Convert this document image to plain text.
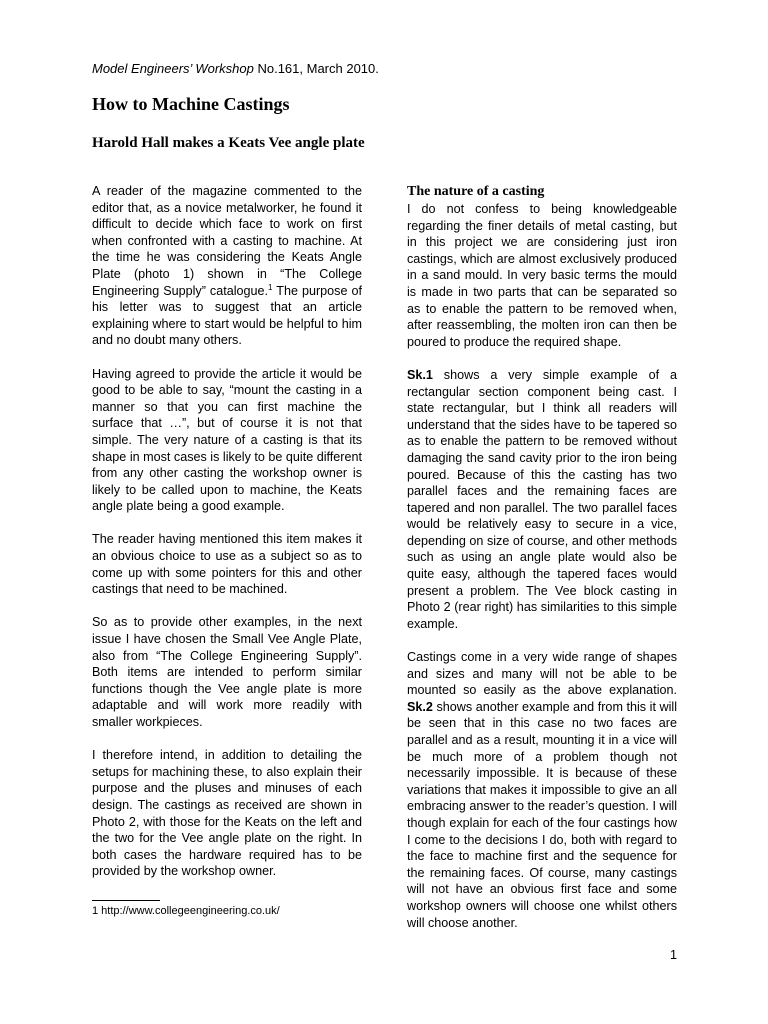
Model Engineers’ Workshop No.161, March 2010.
How to Machine Castings
Harold Hall makes a Keats Vee angle plate

A reader of the magazine commented to the editor that, as a novice metalworker, he found it difficult to decide which face to work on first when confronted with a casting to machine. At the time he was considering the Keats Angle Plate (photo 1) shown in “The College Engineering Supply” catalogue.$^1$ The purpose of his letter was to suggest that an article explaining where to start would be helpful to him and no doubt many others.

Having agreed to provide the article it would be good to be able to say, “mount the casting in a manner so that you can first machine the surface that …”, but of course it is not that simple. The very nature of a casting is that its shape in most cases is likely to be quite different from any other casting the workshop owner is likely to be called upon to machine, the Keats angle plate being a good example.

The reader having mentioned this item makes it an obvious choice to use as a subject so as to come up with some pointers for this and other castings that need to be machined.

So as to provide other examples, in the next issue I have chosen the Small Vee Angle Plate, also from “The College Engineering Supply”. Both items are intended to perform similar functions though the Vee angle plate is more adaptable and will work more readily with smaller workpieces.

I therefore intend, in addition to detailing the setups for machining these, to also explain their purpose and the pluses and minuses of each design. The castings as received are shown in Photo 2, with those for the Keats on the left and the two for the Vee angle plate on the right. In both cases the hardware required has to be provided by the workshop owner.

1 http://www.collegeengineering.co.uk/
The nature of a casting

I do not confess to being knowledgeable regarding the finer details of metal casting, but in this project we are considering just iron castings, which are almost exclusively produced in a sand mould. In very basic terms the mould is made in two parts that can be separated so as to enable the pattern to be removed when, after reassembling, the molten iron can then be poured to produce the required shape.

Sk.1 shows a very simple example of a rectangular section component being cast. I state rectangular, but I think all readers will understand that the sides have to be tapered so as to enable the pattern to be removed without damaging the sand cavity prior to the iron being poured. Because of this the casting has two parallel faces and the remaining faces are tapered and non parallel. The two parallel faces would be relatively easy to secure in a vice, depending on size of course, and other methods such as using an angle plate would also be quite easy, although the tapered faces would present a problem. The Vee block casting in Photo 2 (rear right) has similarities to this simple example.

Castings come in a very wide range of shapes and sizes and many will not be able to be mounted so easily as the above explanation. Sk.2 shows another example and from this it will be seen that in this case no two faces are parallel and as a result, mounting it in a vice will be much more of a problem though not necessarily impossible. It is because of these variations that makes it impossible to give an all embracing answer to the reader’s question. I will though explain for each of the four castings how I come to the decisions I do, both with regard to the face to machine first and the sequence for the remaining faces. Of course, many castings will not have an obvious first face and some workshop owners will choose one whilst others will choose another.

1
